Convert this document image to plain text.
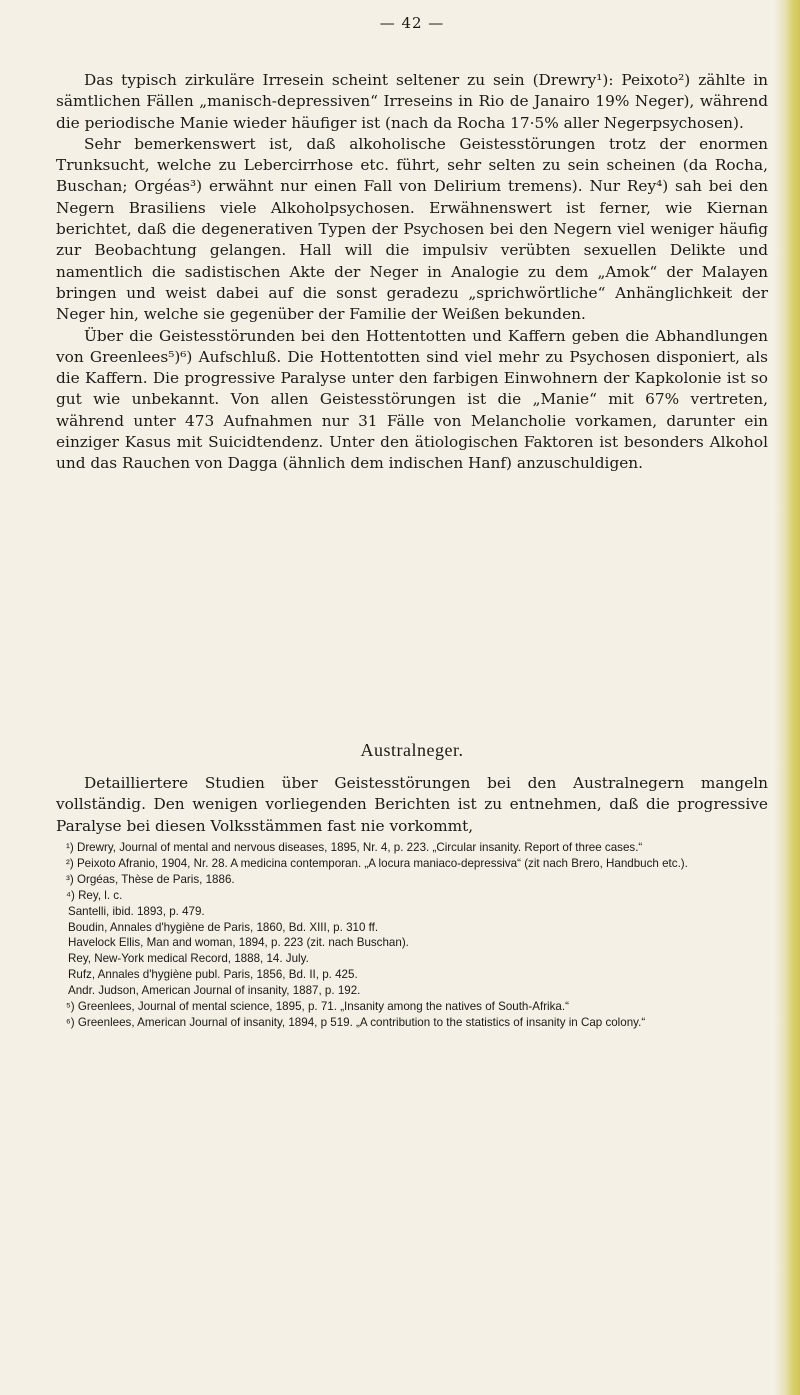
— 42 —

Das typisch zirkuläre Irresein scheint seltener zu sein (Drewry¹): Peixoto²) zählte in sämtlichen Fällen „manisch-depressiven“ Irreseins in Rio de Janairo 19% Neger), während die periodische Manie wieder häufiger ist (nach da Rocha 17·5% aller Negerpsychosen).

Sehr bemerkenswert ist, daß alkoholische Geistesstörungen trotz der enormen Trunksucht, welche zu Lebercirrhose etc. führt, sehr selten zu sein scheinen (da Rocha, Buschan; Orgéas³) erwähnt nur einen Fall von Delirium tremens). Nur Rey⁴) sah bei den Negern Brasiliens viele Alkoholpsychosen. Erwähnenswert ist ferner, wie Kiernan berichtet, daß die degenerativen Typen der Psychosen bei den Negern viel weniger häufig zur Beobachtung gelangen. Hall will die impulsiv verübten sexuellen Delikte und namentlich die sadistischen Akte der Neger in Analogie zu dem „Amok“ der Malayen bringen und weist dabei auf die sonst geradezu „sprichwörtliche“ Anhänglichkeit der Neger hin, welche sie gegenüber der Familie der Weißen bekunden.

Über die Geistesstörunden bei den Hottentotten und Kaffern geben die Abhandlungen von Greenlees⁵)⁶) Aufschluß. Die Hottentotten sind viel mehr zu Psychosen disponiert, als die Kaffern. Die progressive Paralyse unter den farbigen Einwohnern der Kapkolonie ist so gut wie unbekannt. Von allen Geistesstörungen ist die „Manie“ mit 67% vertreten, während unter 473 Aufnahmen nur 31 Fälle von Melancholie vorkamen, darunter ein einziger Kasus mit Suicidtendenz. Unter den ätiologischen Faktoren ist besonders Alkohol und das Rauchen von Dagga (ähnlich dem indischen Hanf) anzuschuldigen.

Australneger.

Detailliertere Studien über Geistesstörungen bei den Australnegern mangeln vollständig. Den wenigen vorliegenden Berichten ist zu entnehmen, daß die progressive Paralyse bei diesen Volksstämmen fast nie vorkommt,

¹) Drewry, Journal of mental and nervous diseases, 1895, Nr. 4, p. 223. „Circular insanity. Report of three cases.“

²) Peixoto Afranio, 1904, Nr. 28. A medicina contemporan. „A locura maniaco-depressiva“ (zit nach Brero, Handbuch etc.).

³) Orgéas, Thèse de Paris, 1886.

⁴) Rey, l. c.

Santelli, ibid. 1893, p. 479.

Boudin, Annales d'hygiène de Paris, 1860, Bd. XIII, p. 310 ff.

Havelock Ellis, Man and woman, 1894, p. 223 (zit. nach Buschan).

Rey, New-York medical Record, 1888, 14. July.

Rufz, Annales d'hygiène publ. Paris, 1856, Bd. II, p. 425.

Andr. Judson, American Journal of insanity, 1887, p. 192.

⁵) Greenlees, Journal of mental science, 1895, p. 71. „Insanity among the natives of South-Afrika.“

⁶) Greenlees, American Journal of insanity, 1894, p 519. „A contribution to the statistics of insanity in Cap colony.“
